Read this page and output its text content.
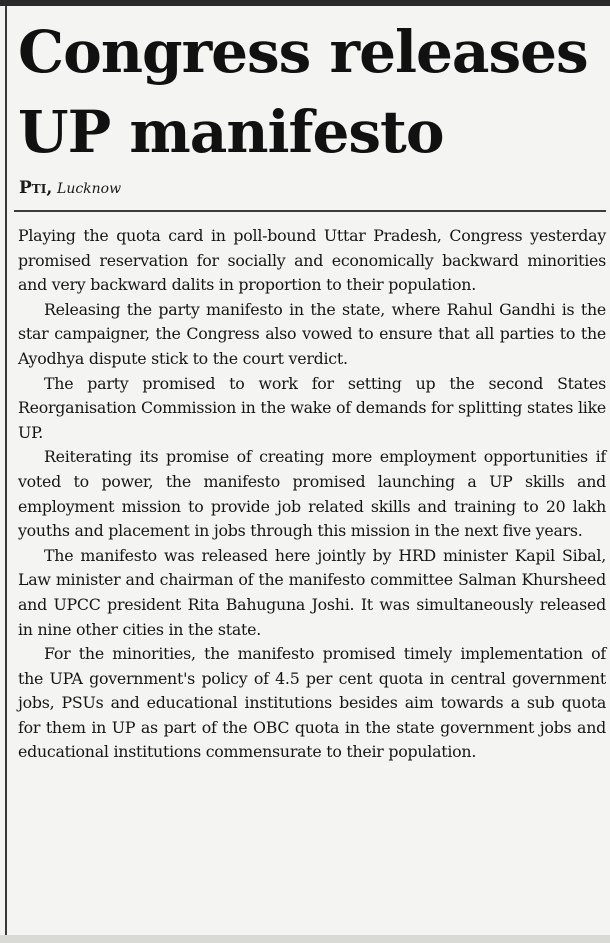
Congress releases UP manifesto
Pti, Lucknow

Playing the quota card in poll-bound Uttar Pradesh, Congress yesterday promised reservation for socially and economically backward minorities and very backward dalits in proportion to their population.

Releasing the party manifesto in the state, where Rahul Gandhi is the star campaigner, the Congress also vowed to ensure that all parties to the Ayodhya dispute stick to the court verdict.

The party promised to work for setting up the second States Reorganisation Commission in the wake of demands for splitting states like UP.

Reiterating its promise of creating more employment opportunities if voted to power, the manifesto promised launching a UP skills and employment mission to provide job related skills and training to 20 lakh youths and placement in jobs through this mission in the next five years.

The manifesto was released here jointly by HRD minister Kapil Sibal, Law minister and chairman of the manifesto committee Salman Khursheed and UPCC president Rita Bahuguna Joshi. It was simultaneously released in nine other cities in the state.

For the minorities, the manifesto promised timely implementation of the UPA government's policy of 4.5 per cent quota in central government jobs, PSUs and educational institutions besides aim towards a sub quota for them in UP as part of the OBC quota in the state government jobs and educational institutions commensurate to their population.
